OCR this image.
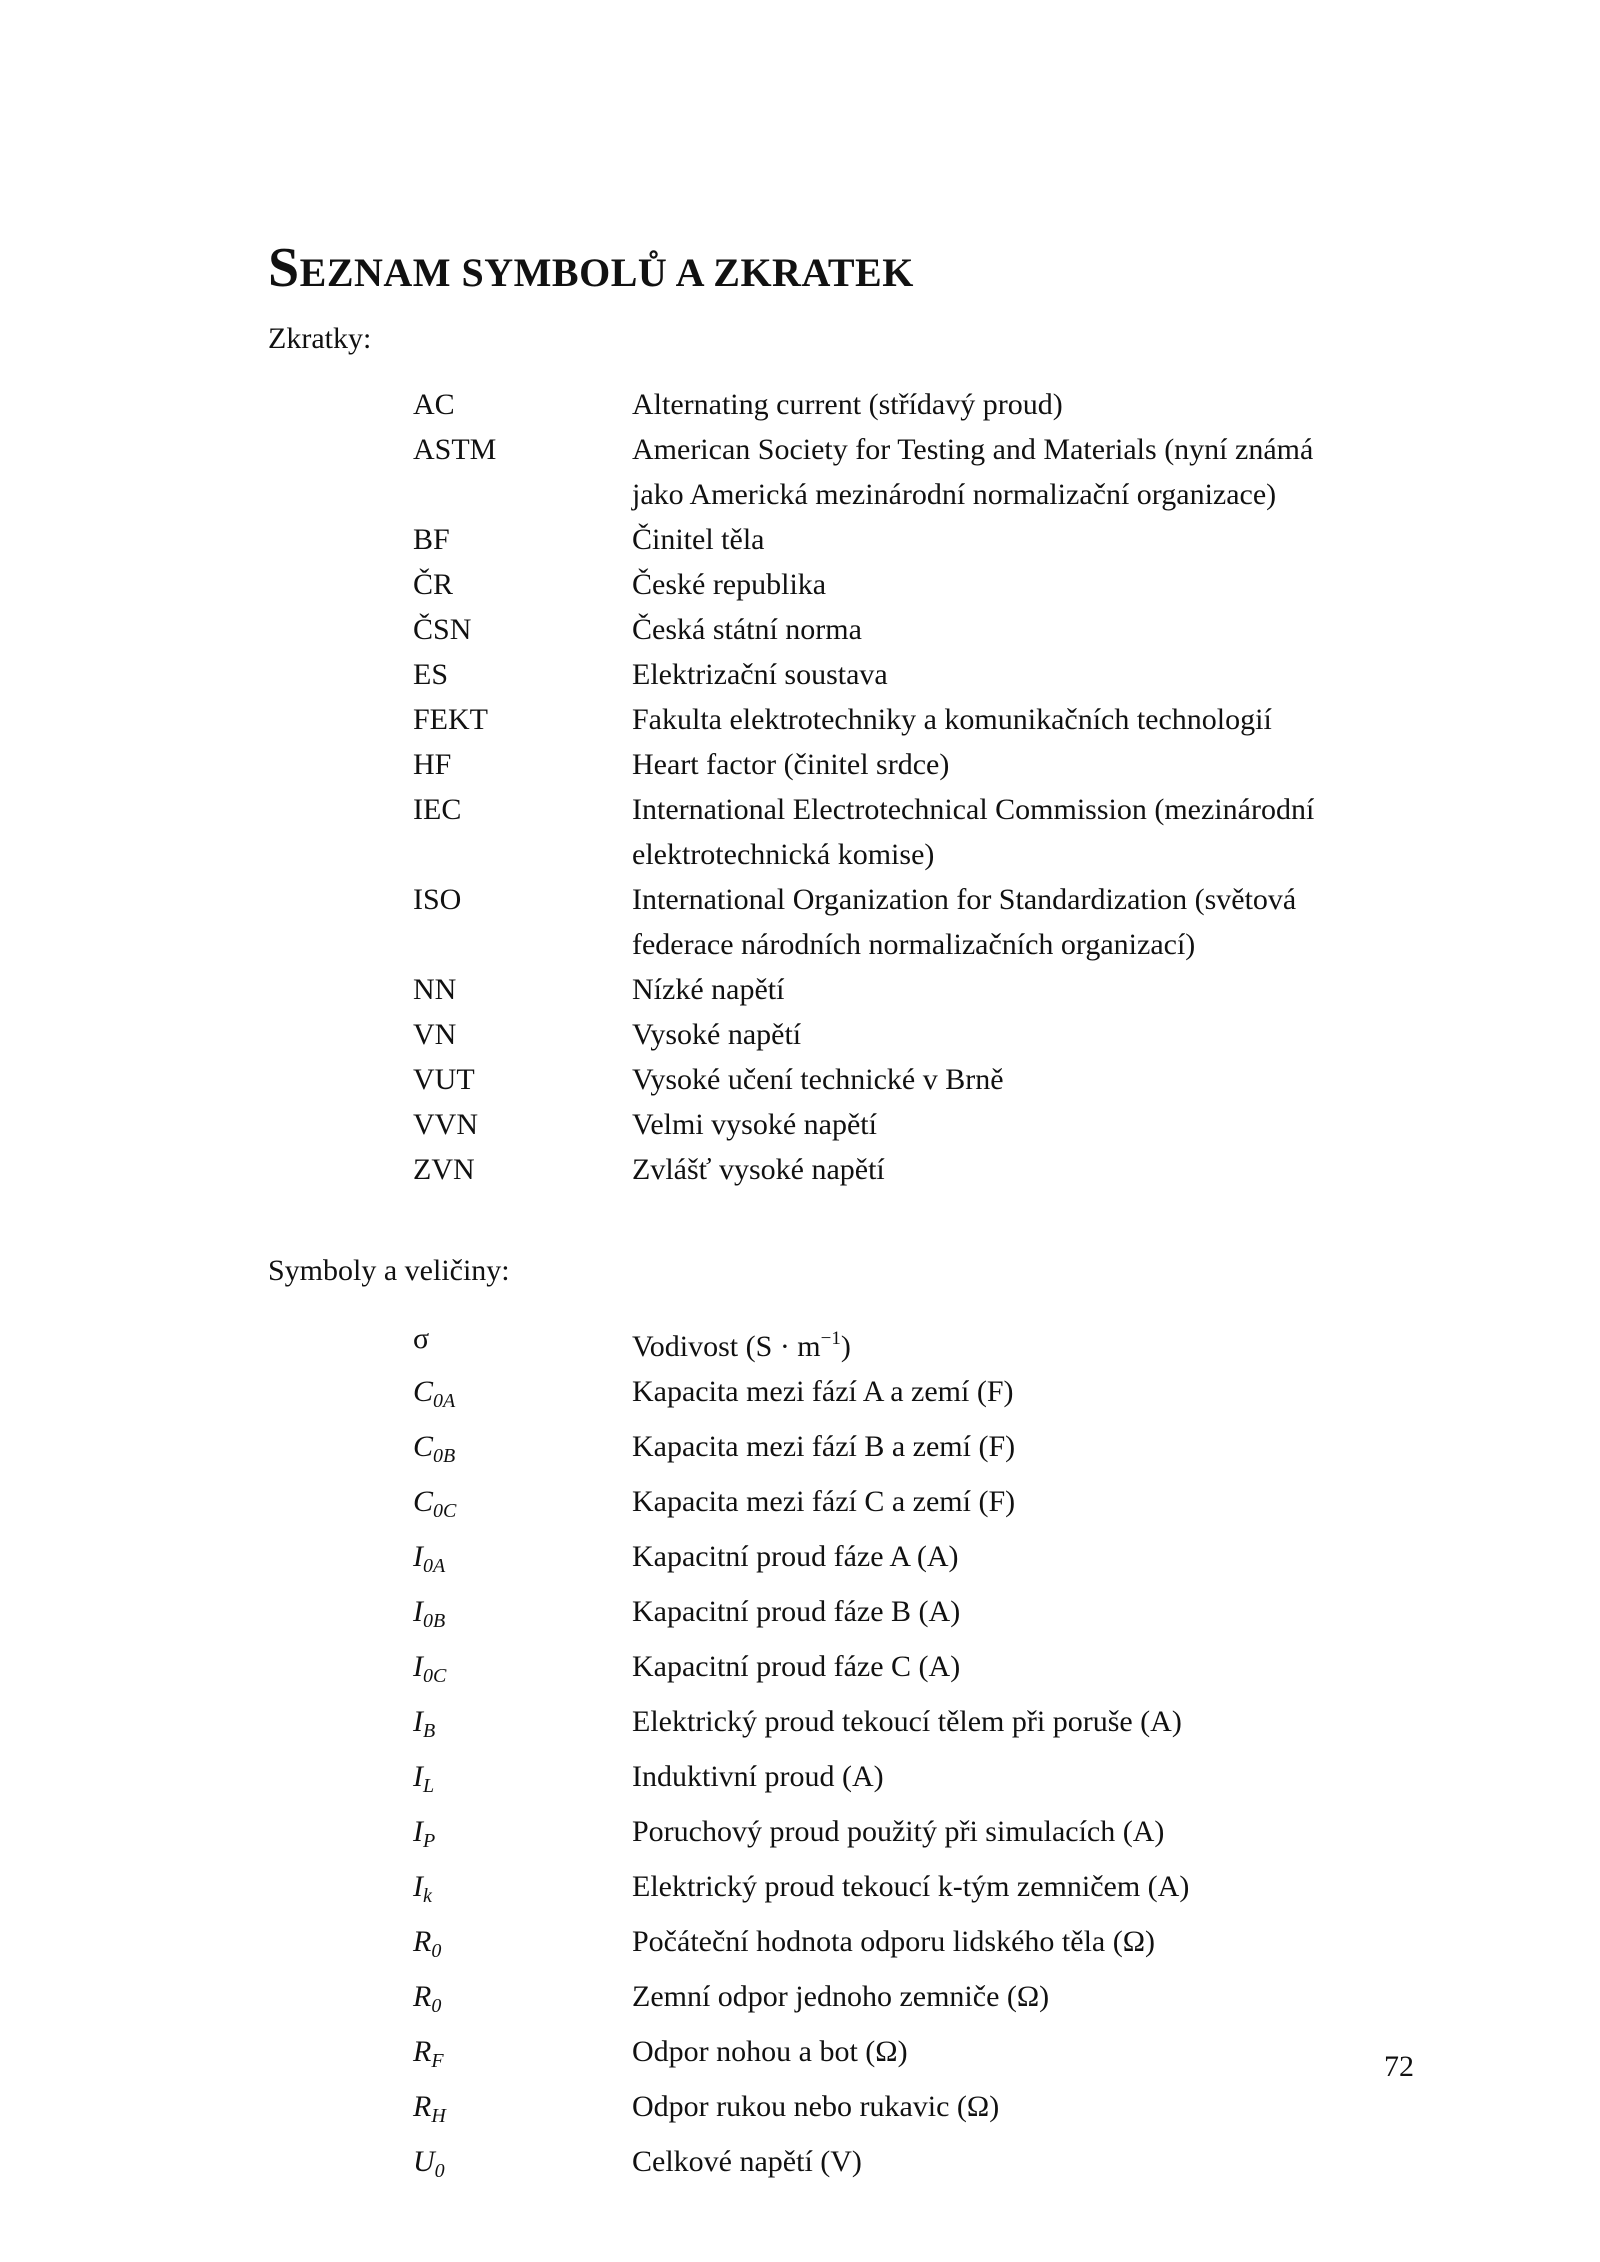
SEZNAM SYMBOLŮ A ZKRATEK
Zkratky:
AC	Alternating current (střídavý proud)
ASTM	American Society for Testing and Materials (nyní známá
jako Americká mezinárodní normalizační organizace)
BF	Činitel těla
ČR	České republika
ČSN	Česká státní norma
ES	Elektrizační soustava
FEKT	Fakulta elektrotechniky a komunikačních technologií
HF	Heart factor (činitel srdce)
IEC	International Electrotechnical Commission (mezinárodní
elektrotechnická komise)
ISO	International Organization for Standardization (světová
federace národních normalizačních organizací)
NN	Nízké napětí
VN	Vysoké napětí
VUT	Vysoké učení technické v Brně
VVN	Velmi vysoké napětí
ZVN	Zvlášť vysoké napětí
Symboly a veličiny:
σ	Vodivost $(S \cdot m^{-1})$
$C_{0A}$	Kapacita mezi fází A a zemí (F)
$C_{0B}$	Kapacita mezi fází B a zemí (F)
$C_{0C}$	Kapacita mezi fází C a zemí (F)
$I_{0A}$	Kapacitní proud fáze A (A)
$I_{0B}$	Kapacitní proud fáze B (A)
$I_{0C}$	Kapacitní proud fáze C (A)
$I_B$	Elektrický proud tekoucí tělem při poruše (A)
$I_L$	Induktivní proud (A)
$I_P$	Poruchový proud použitý při simulacích (A)
$I_k$	Elektrický proud tekoucí k-tým zemničem (A)
$R_0$	Počáteční hodnota odporu lidského těla (Ω)
$R_0$	Zemní odpor jednoho zemniče (Ω)
$R_F$	Odpor nohou a bot (Ω)
$R_H$	Odpor rukou nebo rukavic (Ω)
$U_0$	Celkové napětí (V)
72
